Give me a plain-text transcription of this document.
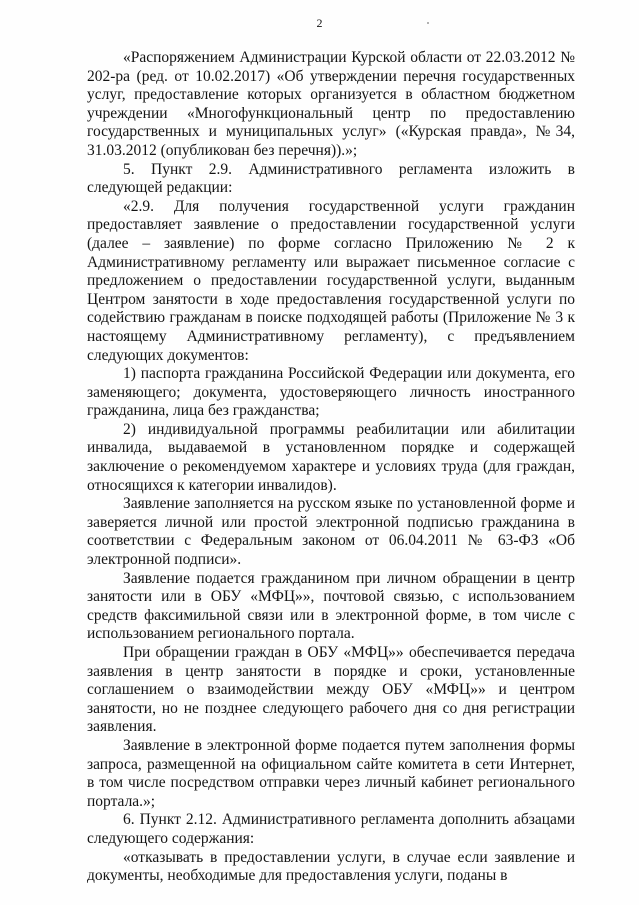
2

«Распоряжением Администрации Курской области от 22.03.2012 № 202-ра (ред. от 10.02.2017) «Об утверждении перечня государственных услуг, предоставление которых организуется в областном бюджетном учреждении «Многофункциональный центр по предоставлению государственных и муниципальных услуг» («Курская правда», №34, 31.03.2012 (опубликован без перечня)).»;

5. Пункт 2.9. Административного регламента изложить в следующей редакции:

«2.9. Для получения государственной услуги гражданин предоставляет заявление о предоставлении государственной услуги (далее – заявление) по форме согласно Приложению № 2 к Административному регламенту или выражает письменное согласие с предложением о предоставлении государственной услуги, выданным Центром занятости в ходе предоставления государственной услуги по содействию гражданам в поиске подходящей работы (Приложение № 3 к настоящему Административному регламенту), с предъявлением следующих документов:

1) паспорта гражданина Российской Федерации или документа, его заменяющего; документа, удостоверяющего личность иностранного гражданина, лица без гражданства;

2) индивидуальной программы реабилитации или абилитации инвалида, выдаваемой в установленном порядке и содержащей заключение о рекомендуемом характере и условиях труда (для граждан, относящихся к категории инвалидов).

Заявление заполняется на русском языке по установленной форме и заверяется личной или простой электронной подписью гражданина в соответствии с Федеральным законом от 06.04.2011 № 63-ФЗ «Об электронной подписи».

Заявление подается гражданином при личном обращении в центр занятости или в ОБУ «МФЦ»», почтовой связью, с использованием средств факсимильной связи или в электронной форме, в том числе с использованием регионального портала.

При обращении граждан в ОБУ «МФЦ»» обеспечивается передача заявления в центр занятости в порядке и сроки, установленные соглашением о взаимодействии между ОБУ «МФЦ»» и центром занятости, но не позднее следующего рабочего дня со дня регистрации заявления.

Заявление в электронной форме подается путем заполнения формы запроса, размещенной на официальном сайте комитета в сети Интернет, в том числе посредством отправки через личный кабинет регионального портала.»;

6. Пункт 2.12. Административного регламента дополнить абзацами следующего содержания:

«отказывать в предоставлении услуги, в случае если заявление и документы, необходимые для предоставления услуги, поданы в
